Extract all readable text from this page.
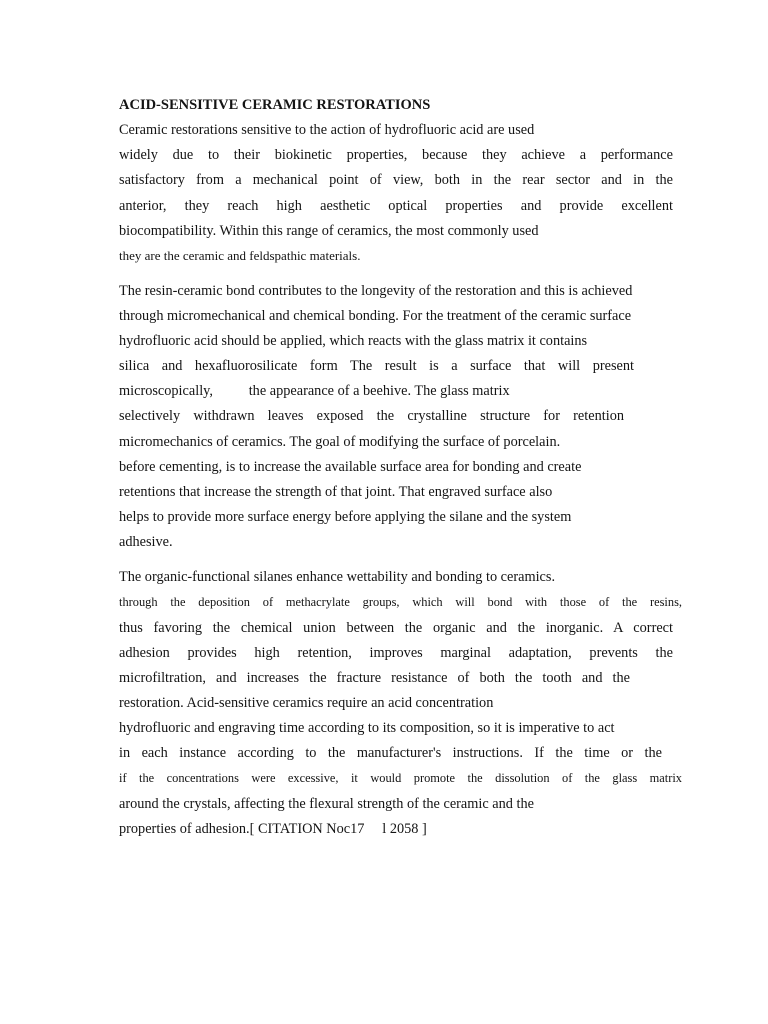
ACID-SENSITIVE CERAMIC RESTORATIONS
Ceramic restorations sensitive to the action of hydrofluoric acid are used
widely due to their biokinetic properties, because they achieve a performance
satisfactory from a mechanical point of view, both in the rear sector and in the
anterior, they reach high aesthetic optical properties and provide excellent
biocompatibility. Within this range of ceramics, the most commonly used
they are the ceramic and feldspathic materials.
The resin-ceramic bond contributes to the longevity of the restoration and this is achieved
through micromechanical and chemical bonding. For the treatment of the ceramic surface
hydrofluoric acid should be applied, which reacts with the glass matrix it contains
silica and hexafluorosilicate form The result is a surface that will present
microscopically,          the appearance of a beehive. The glass matrix
selectively withdrawn leaves exposed the crystalline structure for retention
micromechanics of ceramics. The goal of modifying the surface of porcelain.
before cementing, is to increase the available surface area for bonding and create
retentions that increase the strength of that joint. That engraved surface also
helps to provide more surface energy before applying the silane and the system
adhesive.
The organic-functional silanes enhance wettability and bonding to ceramics.
through the deposition of methacrylate groups, which will bond with those of the resins,
thus favoring the chemical union between the organic and the inorganic. A correct
adhesion provides high retention, improves marginal adaptation, prevents the
microfiltration, and increases the fracture resistance of both the tooth and the
restoration. Acid-sensitive ceramics require an acid concentration
hydrofluoric and engraving time according to its composition, so it is imperative to act
in each instance according to the manufacturer's instructions. If the time or the
if the concentrations were excessive, it would promote the dissolution of the glass matrix
around the crystals, affecting the flexural strength of the ceramic and the
properties of adhesion.[ CITATION Noc17     l 2058 ]
